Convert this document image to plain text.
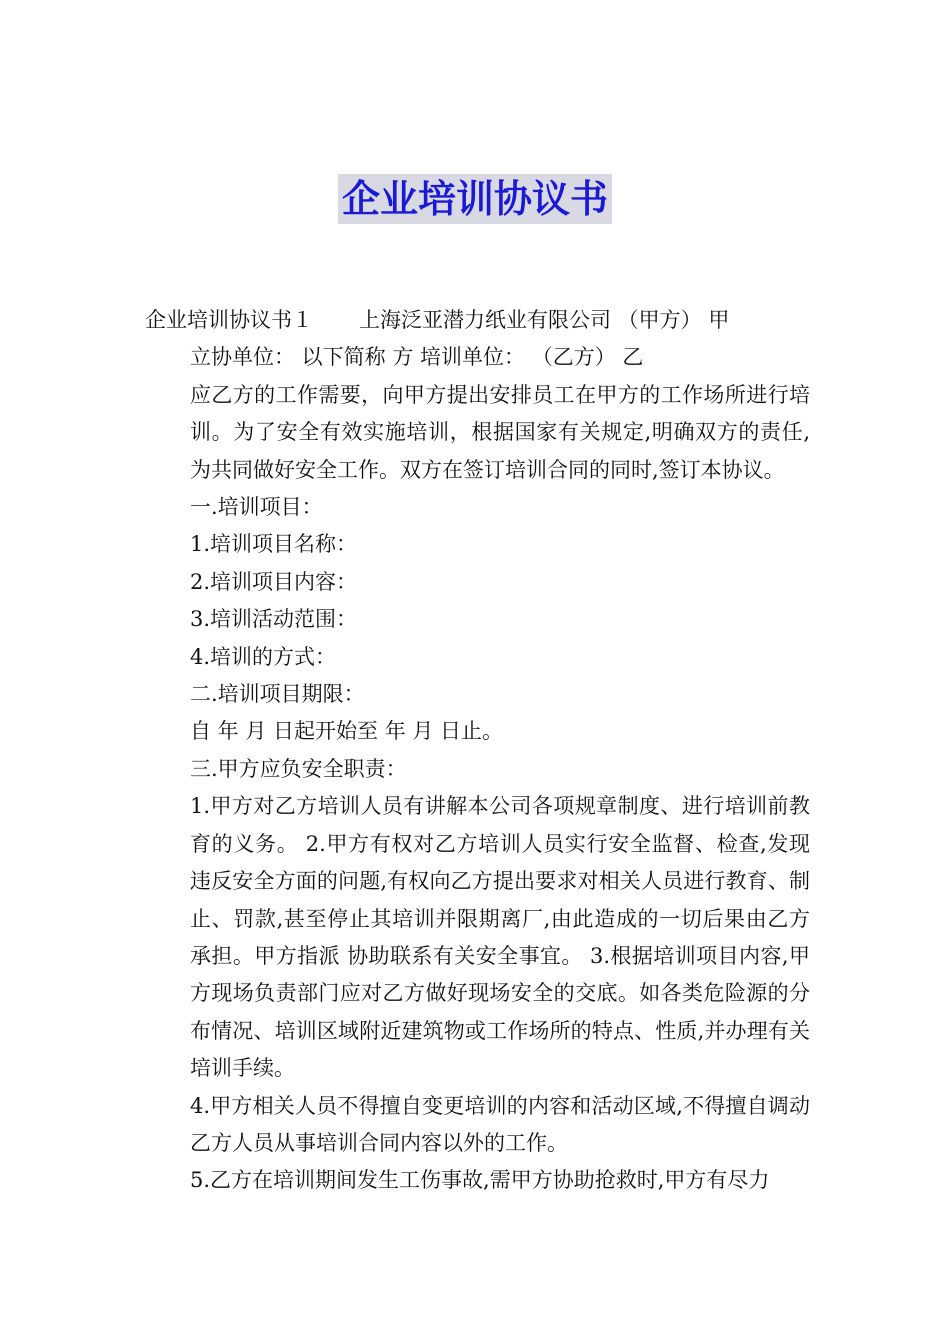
企业培训协议书

企业培训协议书１ 上海泛亚潜力纸业有限公司 （甲方） 甲

立协单位： 以下简称 方 培训单位： （乙方） 乙

应乙方的工作需要，向甲方提出安排员工在甲方的工作场所进行培训。为了安全有效实施培训，根据国家有关规定,明确双方的责任,为共同做好安全工作。双方在签订培训合同的同时,签订本协议。

一.培训项目：

1.培训项目名称：

2.培训项目内容：

3.培训活动范围：

4.培训的方式：

二.培训项目期限：

自 年 月 日起开始至 年 月 日止。

三.甲方应负安全职责：

1.甲方对乙方培训人员有讲解本公司各项规章制度、进行培训前教育的义务。 2.甲方有权对乙方培训人员实行安全监督、检查,发现违反安全方面的问题,有权向乙方提出要求对相关人员进行教育、制止、罚款,甚至停止其培训并限期离厂,由此造成的一切后果由乙方承担。甲方指派 协助联系有关安全事宜。 3.根据培训项目内容,甲方现场负责部门应对乙方做好现场安全的交底。如各类危险源的分布情况、培训区域附近建筑物或工作场所的特点、性质,并办理有关培训手续。

4.甲方相关人员不得擅自变更培训的内容和活动区域,不得擅自调动乙方人员从事培训合同内容以外的工作。

5.乙方在培训期间发生工伤事故,需甲方协助抢救时,甲方有尽力
